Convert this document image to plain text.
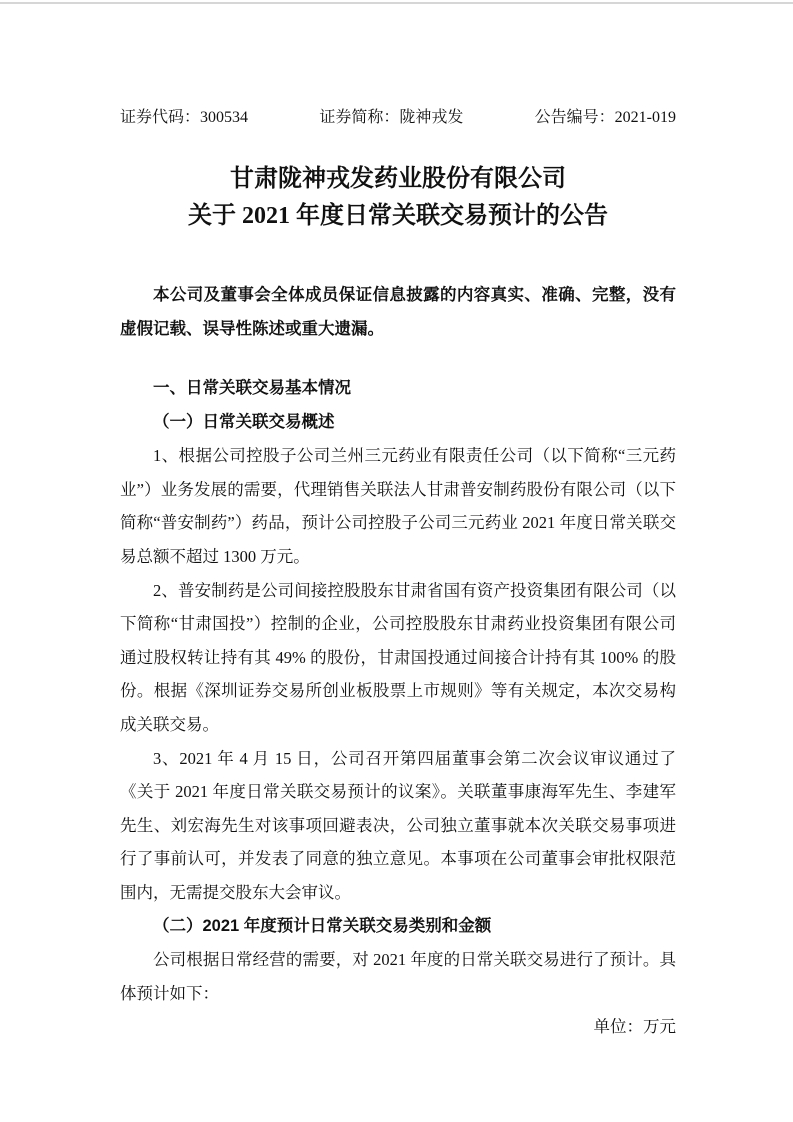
证券代码：300534	证券简称：陇神戎发	公告编号：2021-019
甘肃陇神戎发药业股份有限公司
关于 2021 年度日常关联交易预计的公告
本公司及董事会全体成员保证信息披露的内容真实、准确、完整，没有虚假记载、误导性陈述或重大遗漏。

一、日常关联交易基本情况

（一）日常关联交易概述

1、根据公司控股子公司兰州三元药业有限责任公司（以下简称“三元药业”）业务发展的需要，代理销售关联法人甘肃普安制药股份有限公司（以下简称“普安制药”）药品，预计公司控股子公司三元药业 2021 年度日常关联交易总额不超过 1300 万元。

2、普安制药是公司间接控股股东甘肃省国有资产投资集团有限公司（以下简称“甘肃国投”）控制的企业，公司控股股东甘肃药业投资集团有限公司通过股权转让持有其 49% 的股份，甘肃国投通过间接合计持有其 100% 的股份。根据《深圳证券交易所创业板股票上市规则》等有关规定，本次交易构成关联交易。

3、2021 年 4 月 15 日，公司召开第四届董事会第二次会议审议通过了《关于 2021 年度日常关联交易预计的议案》。关联董事康海军先生、李建军先生、刘宏海先生对该事项回避表决，公司独立董事就本次关联交易事项进行了事前认可，并发表了同意的独立意见。本事项在公司董事会审批权限范围内，无需提交股东大会审议。

（二）2021 年度预计日常关联交易类别和金额

公司根据日常经营的需要，对 2021 年度的日常关联交易进行了预计。具体预计如下：

单位：万元
